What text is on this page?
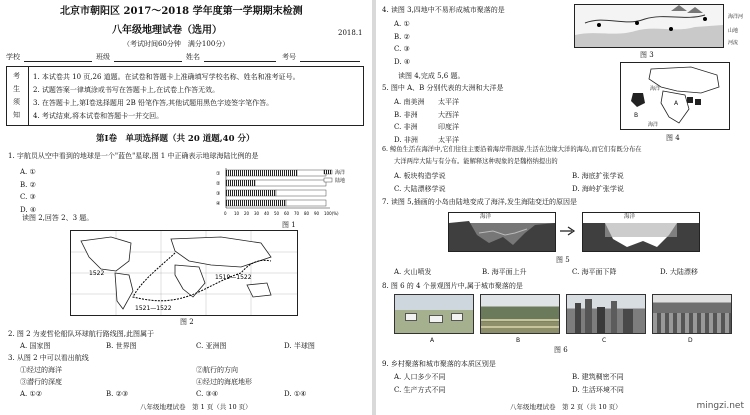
北京市朝阳区 2017～2018 学年度第一学期期末检测
2018.1
八年级地理试卷（选用）
（考试时间60分钟　满分100分）
学校	班级	姓名	考号
考
生
须
知
1. 本试卷共 10 页,26 道题。在试卷和答题卡上准确填写学校名称、姓名和准考证号。
2. 试题答案一律填涂或书写在答题卡上,在试卷上作答无效。
3. 在答题卡上,第Ⅰ卷选择题用 2B 铅笔作答,其他试题用黑色字迹签字笔作答。
4. 考试结束,将本试卷和答题卡一并交回。
第Ⅰ卷　单项选择题（共 20 道题,40 分）
1. 宇航员从空中看到的地球是一个"蓝色"星球,图 1 中正确表示地球海陆比例的是
A. ①
B. ②
C. ③
D. ④
①
②
③
④
0 10 20 30 40 50 60 70 80 90 100(%)
海洋
陆地
图 1
读图 2,回答 2、3 题。
1522
1519—1522
1521—1522
图 2
2. 图 2 为麦哲伦船队环球航行路线图,此图属于
A. 国家图	B. 世界图	C. 亚洲图	D. 半球图
3. 从图 2 中可以看出航线
①经过的海洋	②航行的方向
③潜行的深度	④经过的海底地形
A. ①②	B. ②③	C. ③④	D. ①④
八年级地理试卷　第 1 页（共 10 页）
4. 读图 3,四地中不易形成城市聚落的是
A. ①
B. ②
C. ③
D. ④
海洋河
山地
河流
图 3
读图 4,完成 5,6 题。
5. 图中 A、B 分别代表的大洲和大洋是
A. 南美洲 太平洋
B. 非洲	大西洋
C. 非洲	印度洋
D. 非洲	太平洋
海洋
A
B
海洋
图 4
6. 鲸鱼生活在海洋中,它们往往主要沿着海岸带洄游,生活在边缘大洋的海岛,而它们有既分布在
大洋两岸大陆与有分布。能解释这种现象的是魏格纳提出的
A. 板块构造学说	B. 海底扩张学说
C. 大陆漂移学说	D. 海岭扩张学说
7. 读图 5,插画的小岛由陆地变成了海洋,发生海陆变迁的原因是
海洋	海洋
图 5
A. 火山喷发	B. 海平面上升	C. 海平面下降	D. 大陆漂移
8. 图 6 的 4 个景观图片中,属于城市聚落的是
A	B	C	D
图 6
9. 乡村聚落和城市聚落的本质区别是
A. 人口多少不同	B. 建筑稠密不同
C. 生产方式不同	D. 生活环境不同
八年级地理试卷　第 2 页（共 10 页）	mingzi.net
